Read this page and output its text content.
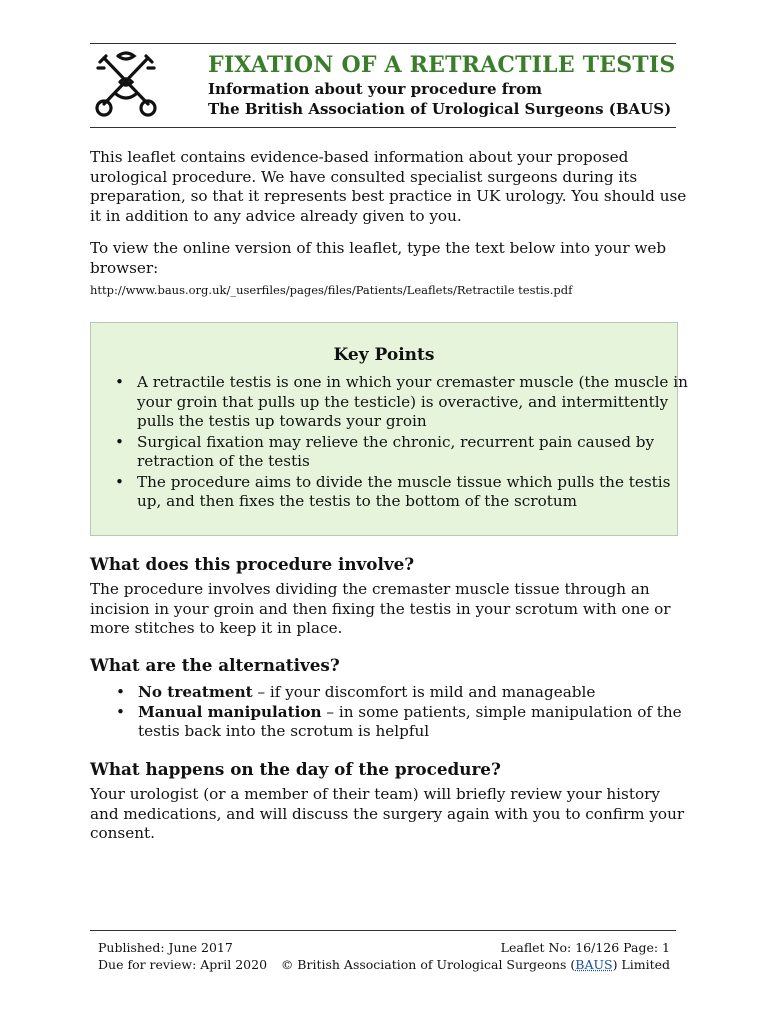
FIXATION OF A RETRACTILE TESTIS
Information about your procedure from
The British Association of Urological Surgeons (BAUS)

This leaflet contains evidence-based information about your proposed urological procedure. We have consulted specialist surgeons during its preparation, so that it represents best practice in UK urology. You should use it in addition to any advice already given to you.

To view the online version of this leaflet, type the text below into your web browser:

http://www.baus.org.uk/_userfiles/pages/files/Patients/Leaflets/Retractile testis.pdf
Key Points
• A retractile testis is one in which your cremaster muscle (the muscle in your groin that pulls up the testicle) is overactive, and intermittently pulls the testis up towards your groin
• Surgical fixation may relieve the chronic, recurrent pain caused by retraction of the testis
• The procedure aims to divide the muscle tissue which pulls the testis up, and then fixes the testis to the bottom of the scrotum
What does this procedure involve?

The procedure involves dividing the cremaster muscle tissue through an incision in your groin and then fixing the testis in your scrotum with one or more stitches to keep it in place.

What are the alternatives?
• No treatment – if your discomfort is mild and manageable
• Manual manipulation – in some patients, simple manipulation of the testis back into the scrotum is helpful
What happens on the day of the procedure?

Your urologist (or a member of their team) will briefly review your history and medications, and will discuss the surgery again with you to confirm your consent.

Published: June 2017
Due for review: April 2020
Leaflet No: 16/126 Page: 1
© British Association of Urological Surgeons (BAUS) Limited
